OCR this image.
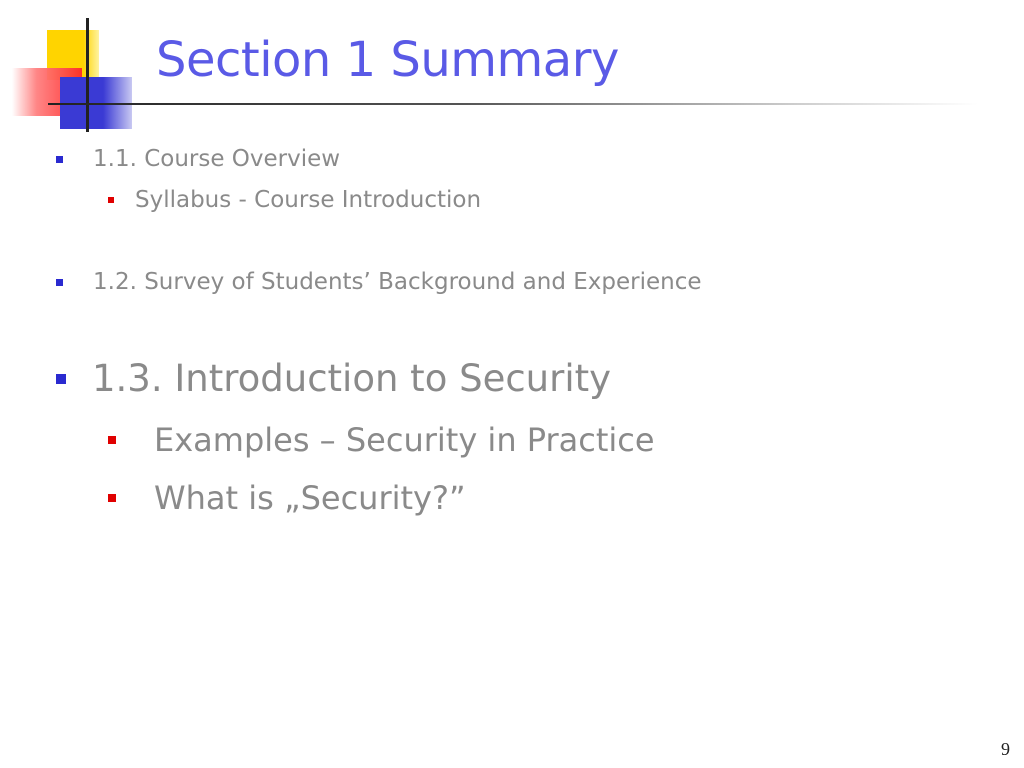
Section 1 Summary
1.1. Course Overview
Syllabus - Course Introduction
1.2. Survey of Students’ Background and Experience
1.3. Introduction to Security
Examples – Security in Practice
What is „Security?”
9
